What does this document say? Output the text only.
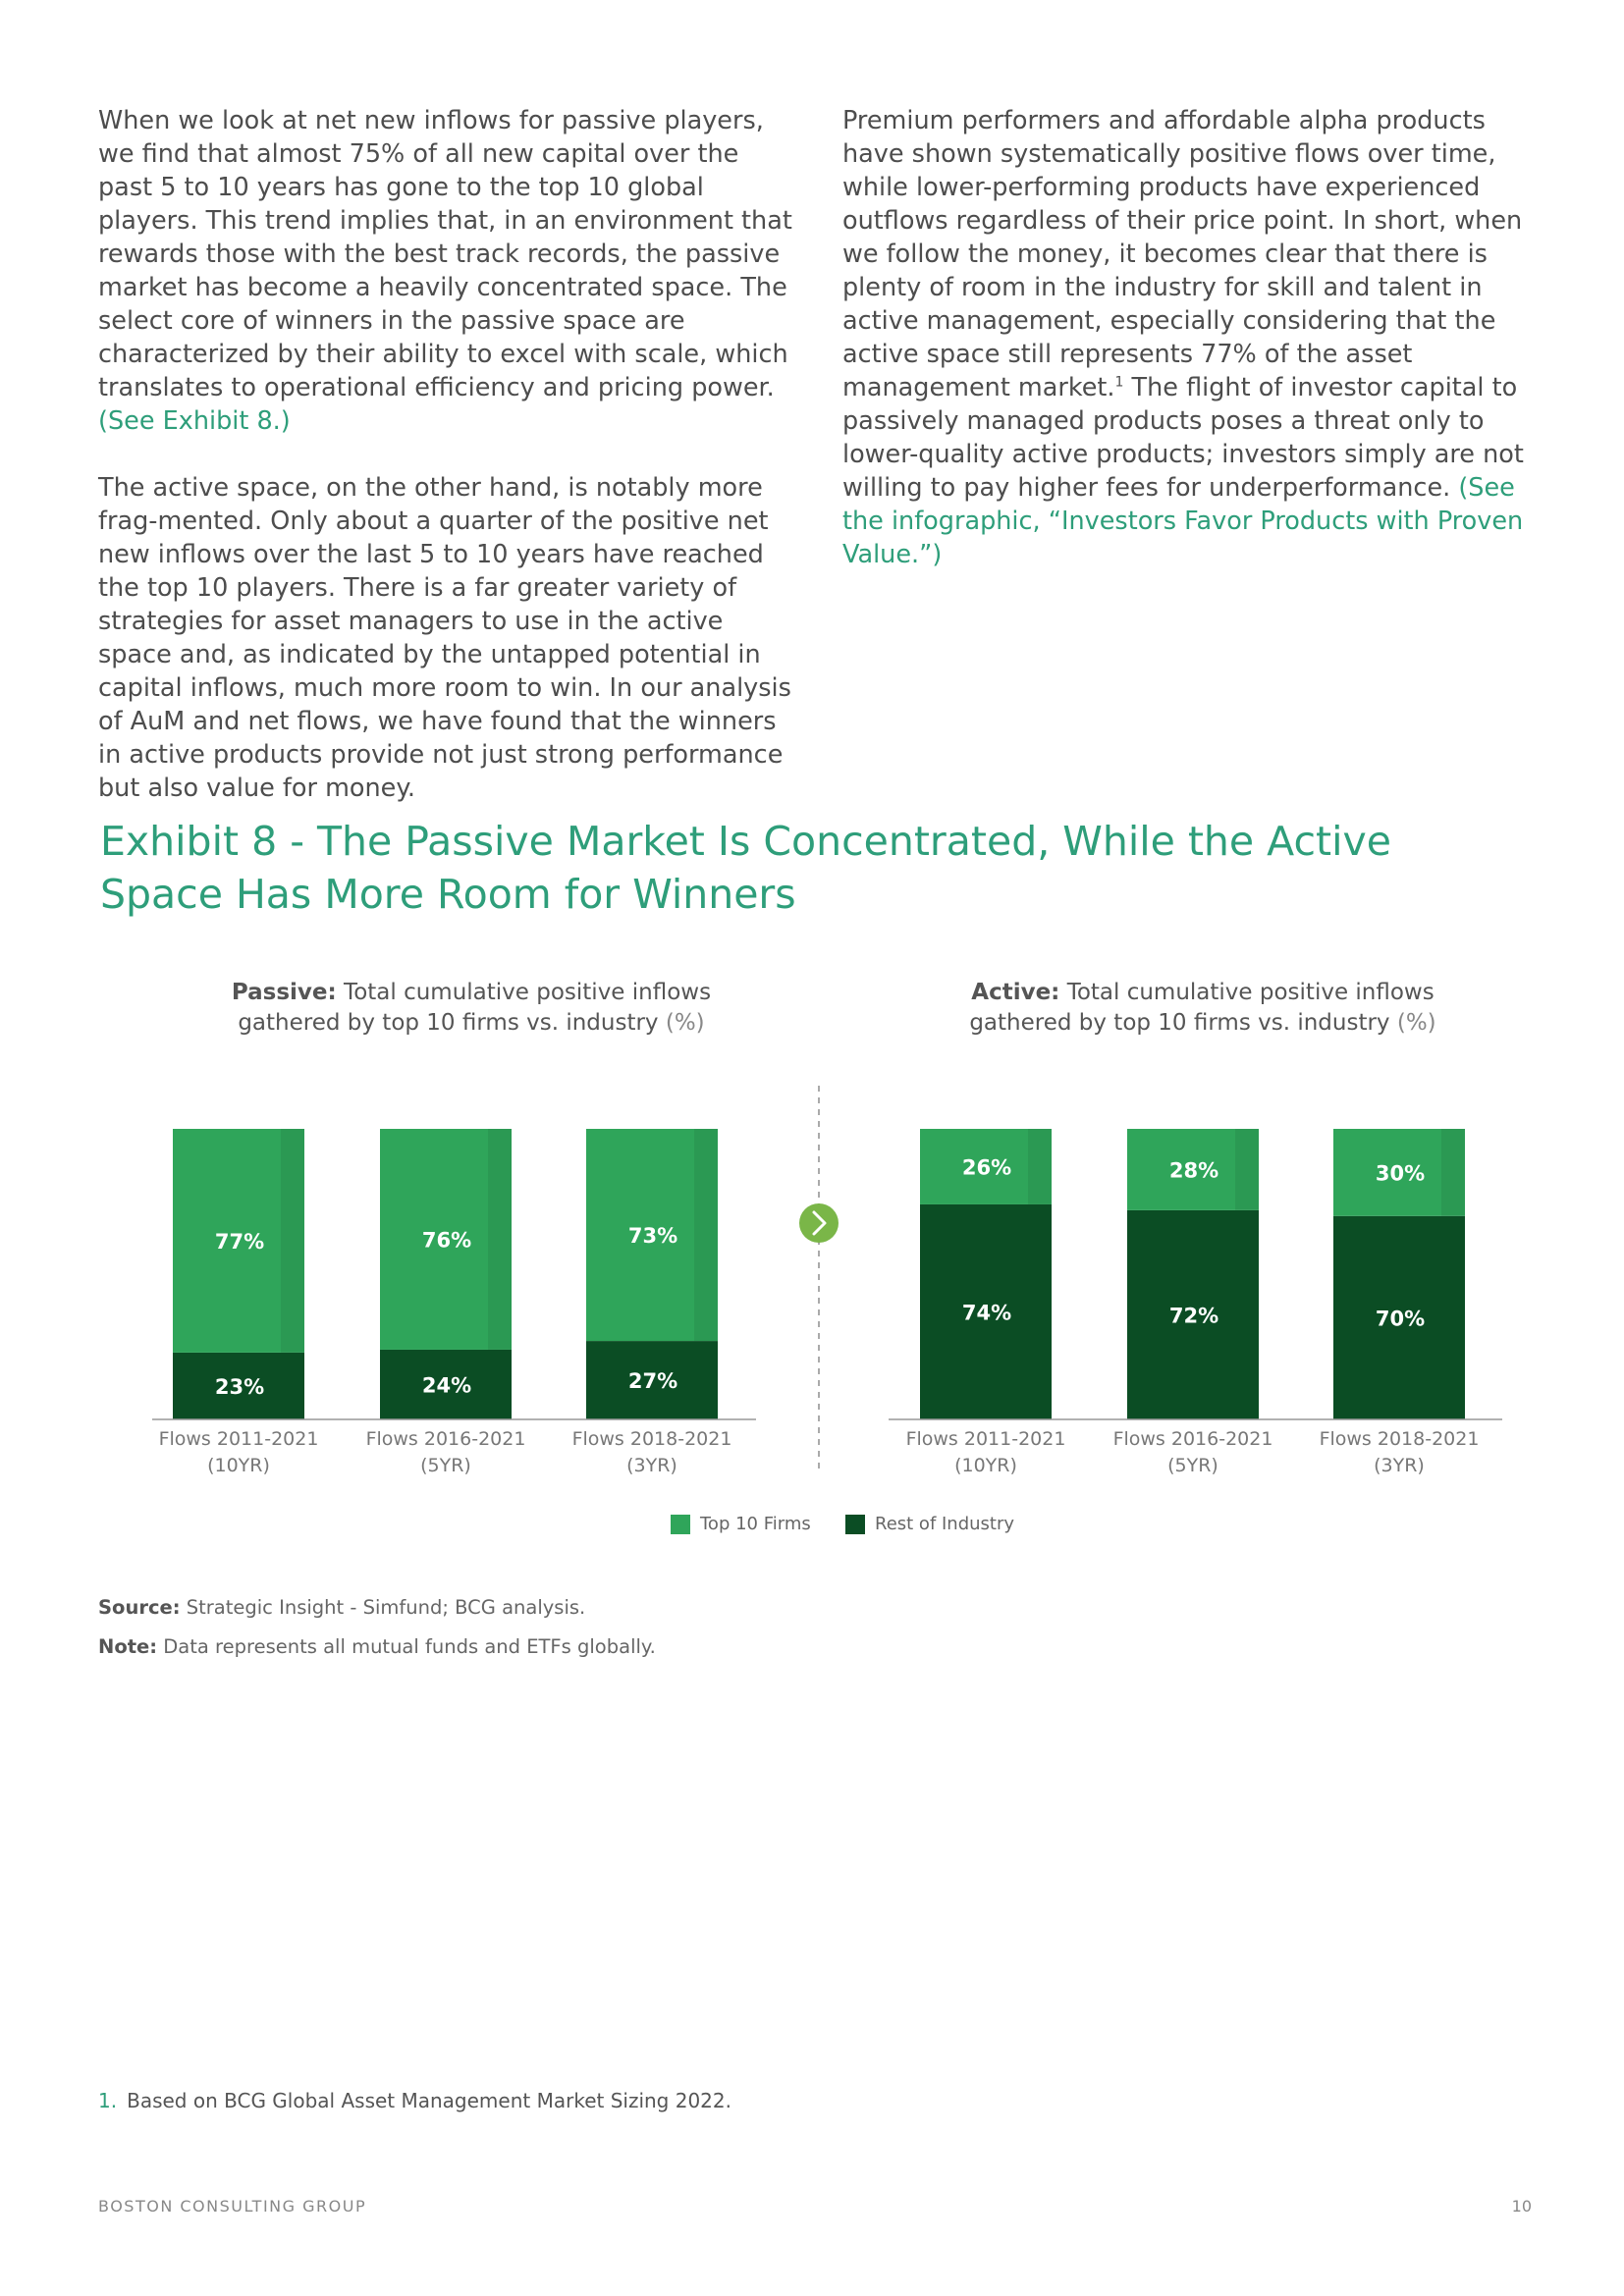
When we look at net new inflows for passive players, we find that almost 75% of all new capital over the past 5 to 10 years has gone to the top 10 global players. This trend implies that, in an environment that rewards those with the best track records, the passive market has become a heavily concentrated space. The select core of winners in the passive space are characterized by their ability to excel with scale, which translates to operational efficiency and pricing power. (See Exhibit 8.)

The active space, on the other hand, is notably more frag-mented. Only about a quarter of the positive net new inflows over the last 5 to 10 years have reached the top 10 players. There is a far greater variety of strategies for asset managers to use in the active space and, as indicated by the untapped potential in capital inflows, much more room to win. In our analysis of AuM and net flows, we have found that the winners in active products provide not just strong performance but also value for money.

Premium performers and affordable alpha products have shown systematically positive flows over time, while lower-performing products have experienced outflows regardless of their price point. In short, when we follow the money, it becomes clear that there is plenty of room in the industry for skill and talent in active management, especially considering that the active space still represents 77% of the asset management market.$^1$ The flight of investor capital to passively managed products poses a threat only to lower-quality active products; investors simply are not willing to pay higher fees for underperformance. (See the infographic, “Investors Favor Products with Proven Value.”)

Exhibit 8 - The Passive Market Is Concentrated, While the Active Space Has More Room for Winners
Passive: Total cumulative positive inflows gathered by top 10 firms vs. industry (%)
Active: Total cumulative positive inflows gathered by top 10 firms vs. industry (%)
23%
77%
Flows 2011-2021
(10YR)
24%
76%
Flows 2016-2021
(5YR)
27%
73%
Flows 2018-2021
(3YR)
74%
26%
Flows 2011-2021
(10YR)
72%
28%
Flows 2016-2021
(5YR)
70%
30%
Flows 2018-2021
(3YR)
Top 10 Firms	Rest of Industry
Source: Strategic Insight - Simfund; BCG analysis.
Note: Data represents all mutual funds and ETFs globally.
1. Based on BCG Global Asset Management Market Sizing 2022.
BOSTON CONSULTING GROUP	10
